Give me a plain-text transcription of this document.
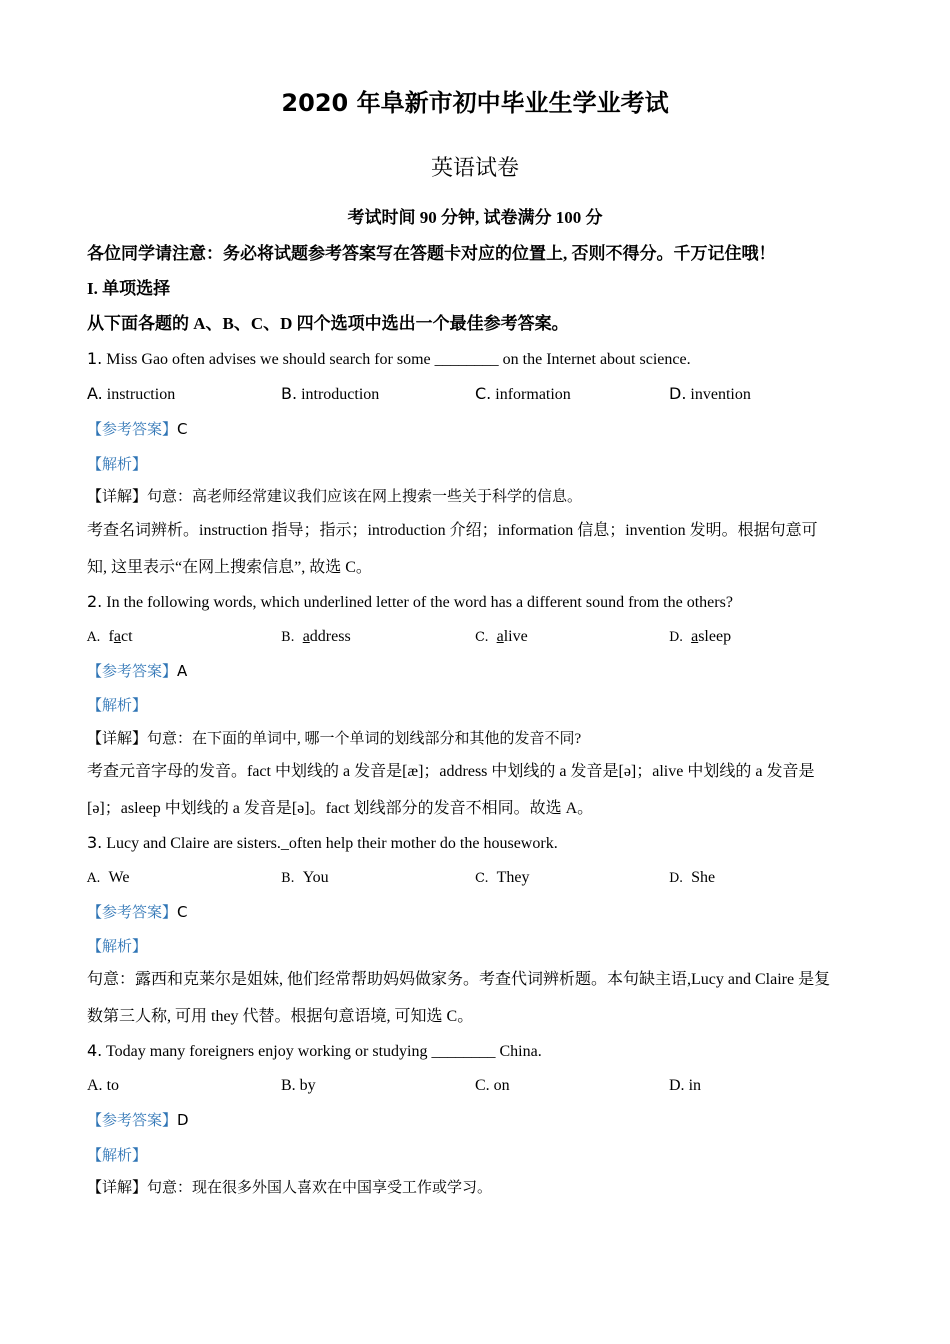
2020 年阜新市初中毕业生学业考试
英语试卷
考试时间 90 分钟, 试卷满分 100 分
各位同学请注意：务必将试题参考答案写在答题卡对应的位置上, 否则不得分。千万记住哦！
I. 单项选择
从下面各题的 A、B、C、D 四个选项中选出一个最佳参考答案。
1. Miss Gao often advises we should search for some ________ on the Internet about science.
A. instruction	B. introduction	C. information	D. invention
【参考答案】C
【解析】
【详解】句意：高老师经常建议我们应该在网上搜索一些关于科学的信息。
考查名词辨析。instruction 指导；指示；introduction 介绍；information 信息；invention 发明。根据句意可
知, 这里表示“在网上搜索信息”, 故选 C。
2. In the following words, which underlined letter of the word has a different sound from the others?
A. fact	B. address	C. alive	D. asleep
【参考答案】A
【解析】
【详解】句意：在下面的单词中, 哪一个单词的划线部分和其他的发音不同?
考查元音字母的发音。fact 中划线的 a 发音是[æ]；address 中划线的 a 发音是[ə]；alive 中划线的 a 发音是
[ə]；asleep 中划线的 a 发音是[ə]。fact 划线部分的发音不相同。故选 A。
3. Lucy and Claire are sisters._often help their mother do the housework.
A. We	B. You	C. They	D. She
【参考答案】C
【解析】
句意：露西和克莱尔是姐妹, 他们经常帮助妈妈做家务。考查代词辨析题。本句缺主语,Lucy and Claire 是复
数第三人称, 可用 they 代替。根据句意语境, 可知选 C。
4. Today many foreigners enjoy working or studying ________ China.
A. to	B. by	C. on	D. in
【参考答案】D
【解析】
【详解】句意：现在很多外国人喜欢在中国享受工作或学习。
